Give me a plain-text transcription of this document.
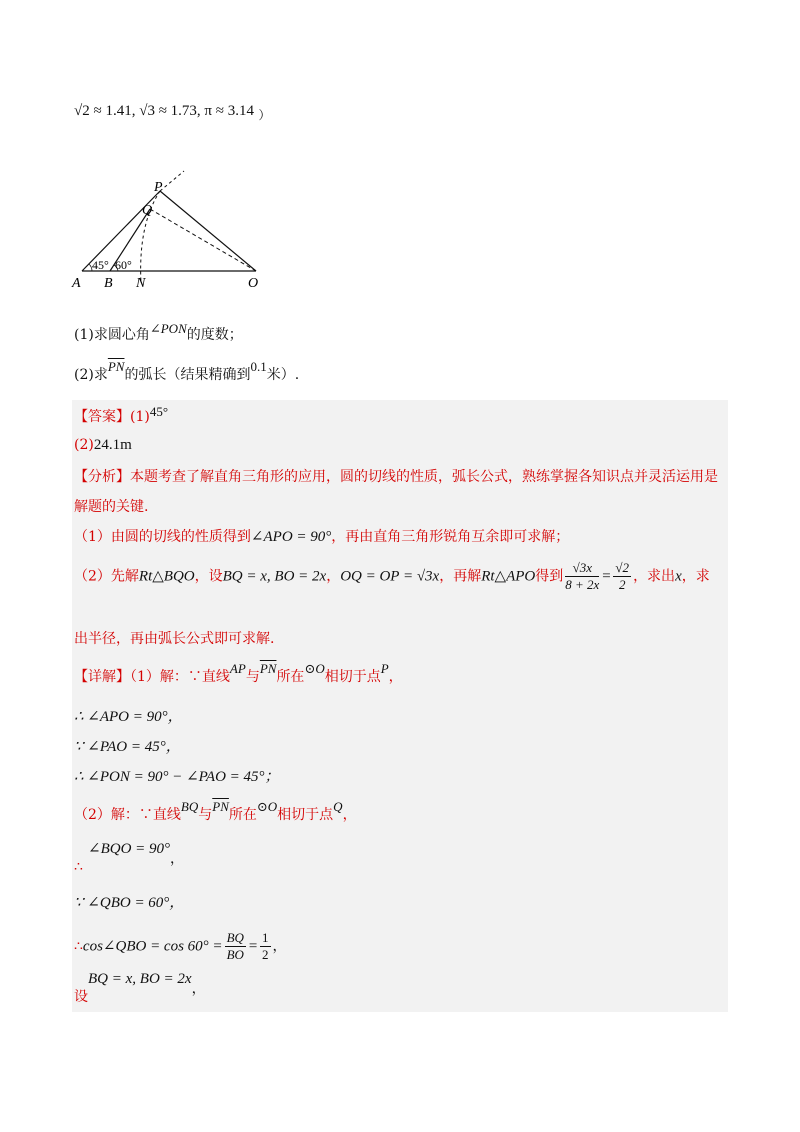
√2 ≈ 1.41, √3 ≈ 1.73, π ≈ 3.14 ）
P
Q
A B N	O
45° 60°
(1)求圆心角∠PON的度数；
(2)求$\overline{PN}$的弧长（结果精确到0.1米）.
【答案】(1)45°
(2)24.1m
【分析】本题考查了解直角三角形的应用，圆的切线的性质，弧长公式，熟练掌握各知识点并灵活运用是
解题的关键.
（1）由圆的切线的性质得到∠APO = 90°，再由直角三角形锐角互余即可求解；
（2）先解Rt△BQO，设BQ = x, BO = 2x，OQ = OP = √3x，再解Rt△APO得到 $\frac{√3x}{8 + 2x} = \frac{√2}{2}$ ，求出x，求
出半径，再由弧长公式即可求解.
【详解】（1）解：∵直线AP与$\overline{PN}$所在⊙O相切于点P，
∴ ∠APO = 90°，
∵ ∠PAO = 45°，
∴ ∠PON = 90° − ∠PAO = 45°；
（2）解：∵直线BQ与$\overline{PN}$所在⊙O相切于点Q，
∠BQO = 90°，
∴
∵ ∠QBO = 60°，
∴cos∠QBO = $\cos 60^\circ = \frac{BQ}{BO} = \frac{1}{2}$ ，
BQ = x, BO = 2x，
设
